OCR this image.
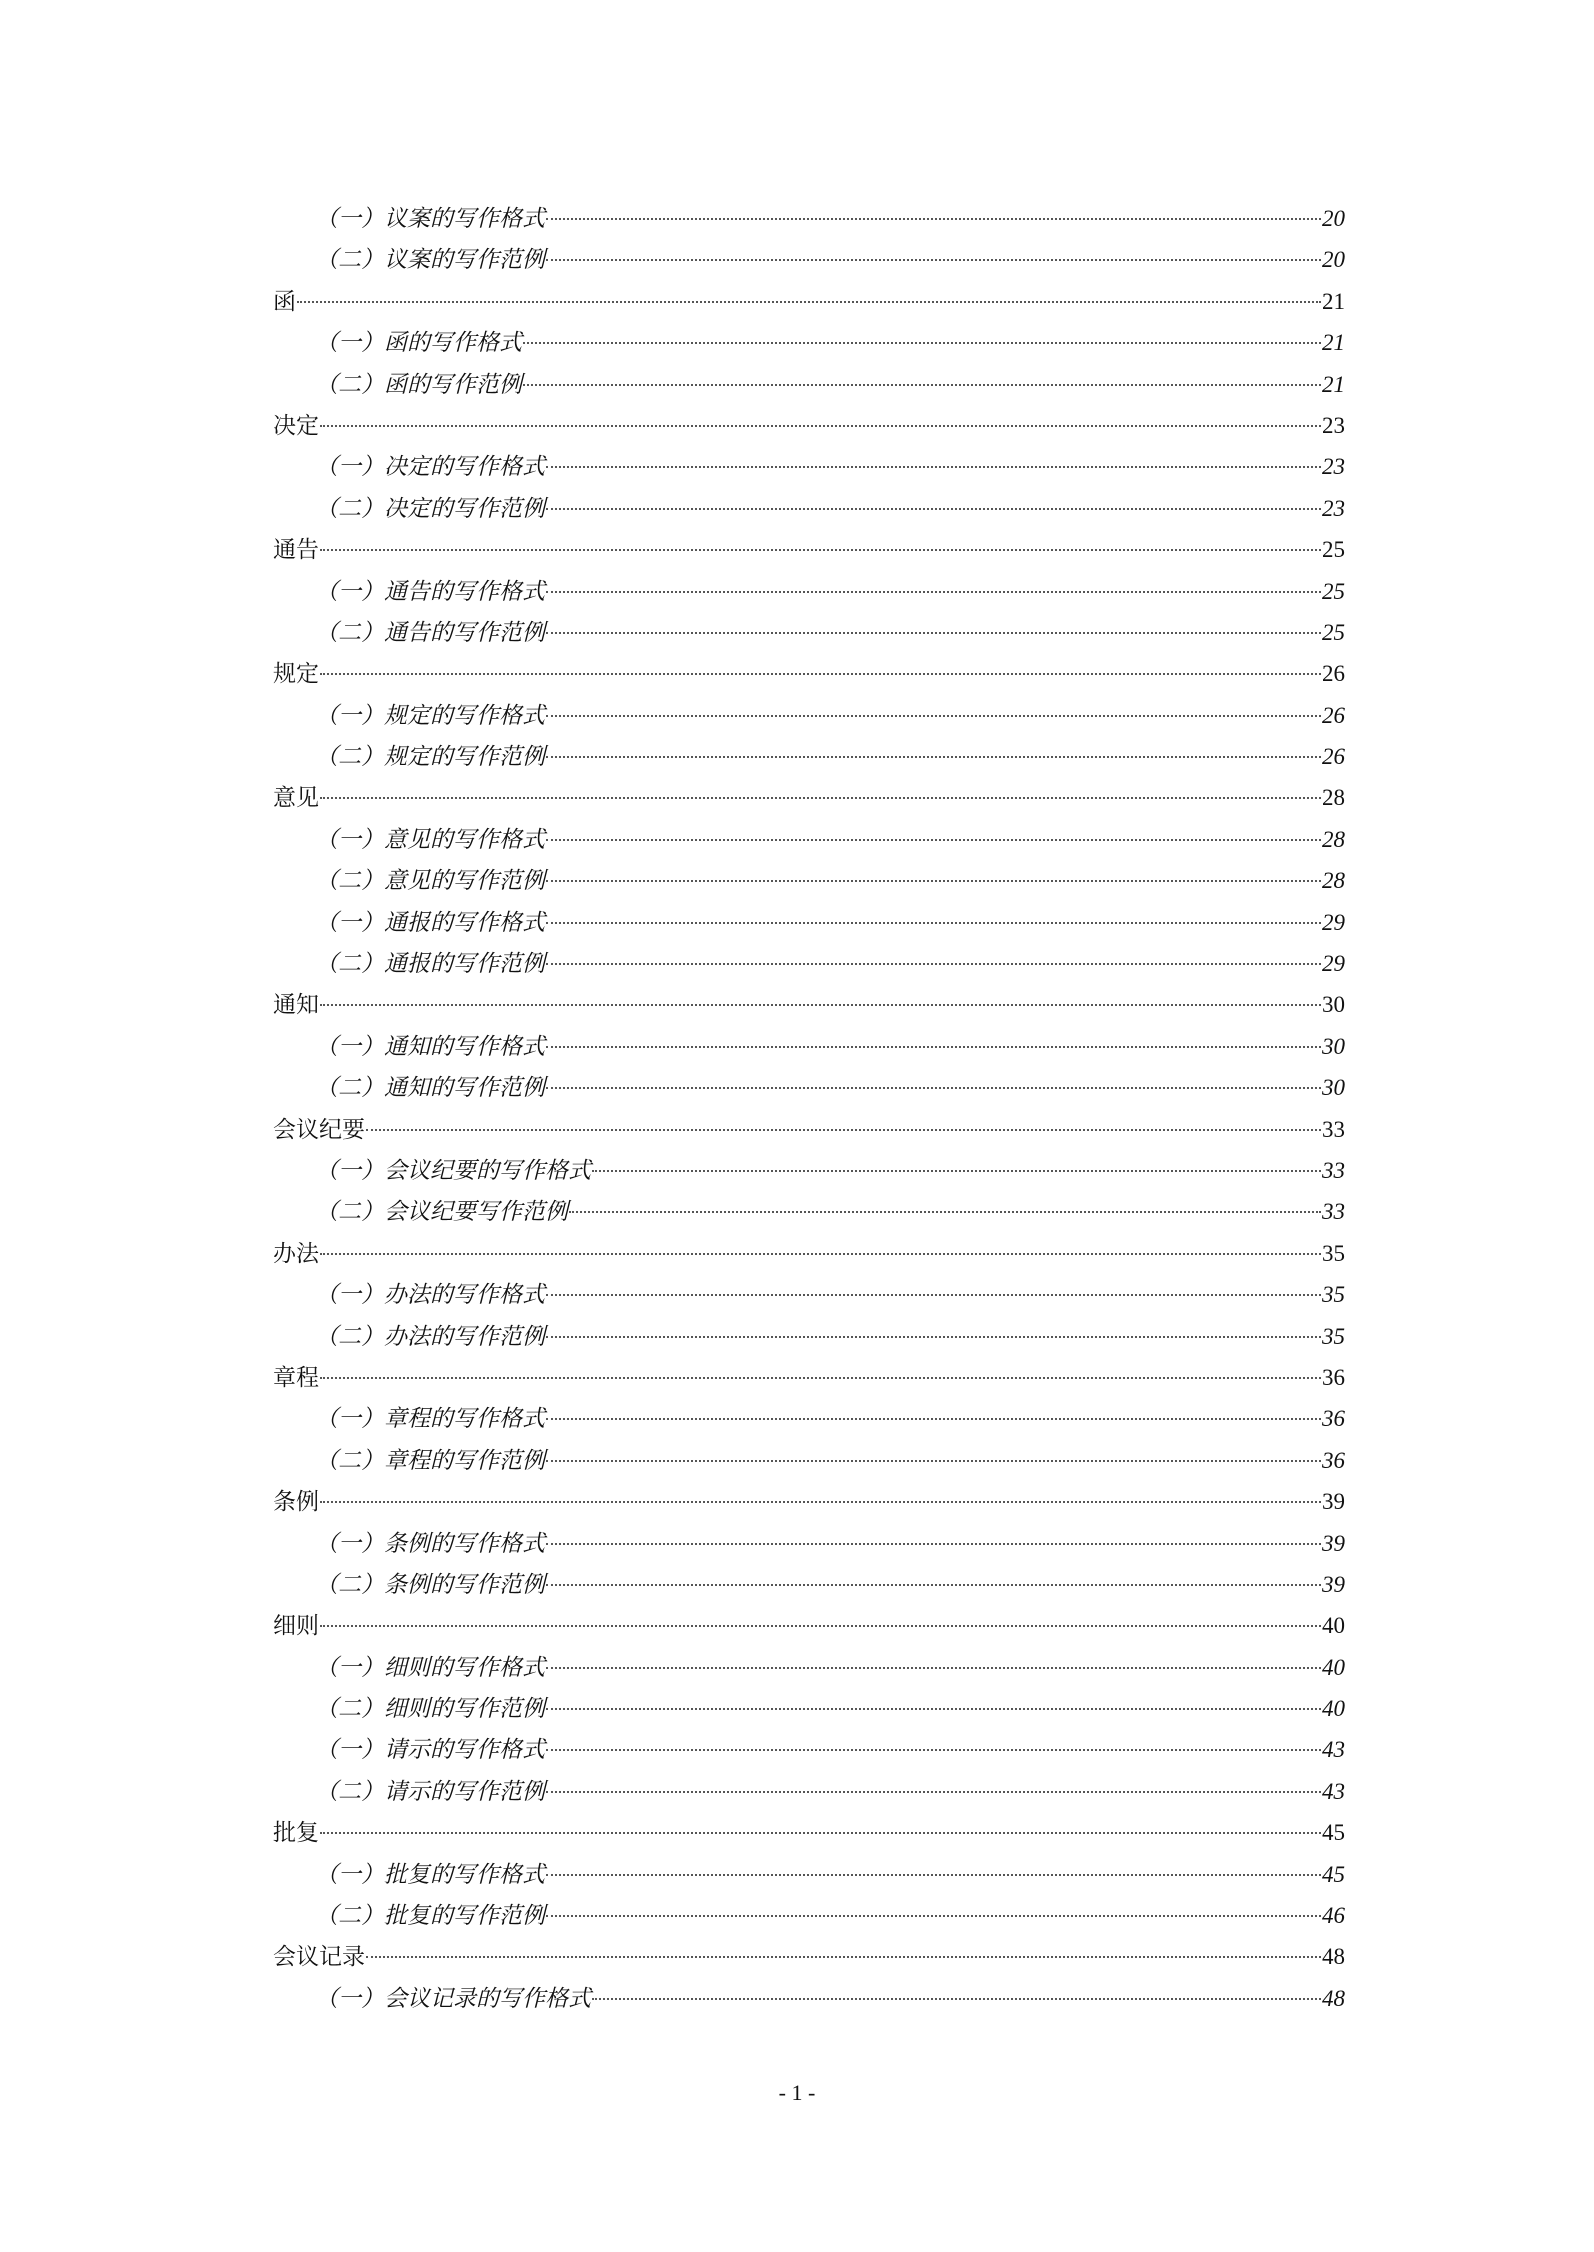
（一）议案的写作格式	20
（二）议案的写作范例	20
函	21
（一）函的写作格式	21
（二）函的写作范例	21
决定	23
（一）决定的写作格式	23
（二）决定的写作范例	23
通告	25
（一）通告的写作格式	25
（二）通告的写作范例	25
规定	26
（一）规定的写作格式	26
（二）规定的写作范例	26
意见	28
（一）意见的写作格式	28
（二）意见的写作范例	28
（一）通报的写作格式	29
（二）通报的写作范例	29
通知	30
（一）通知的写作格式	30
（二）通知的写作范例	30
会议纪要	33
（一）会议纪要的写作格式	33
（二）会议纪要写作范例	33
办法	35
（一）办法的写作格式	35
（二）办法的写作范例	35
章程	36
（一）章程的写作格式	36
（二）章程的写作范例	36
条例	39
（一）条例的写作格式	39
（二）条例的写作范例	39
细则	40
（一）细则的写作格式	40
（二）细则的写作范例	40
（一）请示的写作格式	43
（二）请示的写作范例	43
批复	45
（一）批复的写作格式	45
（二）批复的写作范例	46
会议记录	48
（一）会议记录的写作格式	48
- 1 -
